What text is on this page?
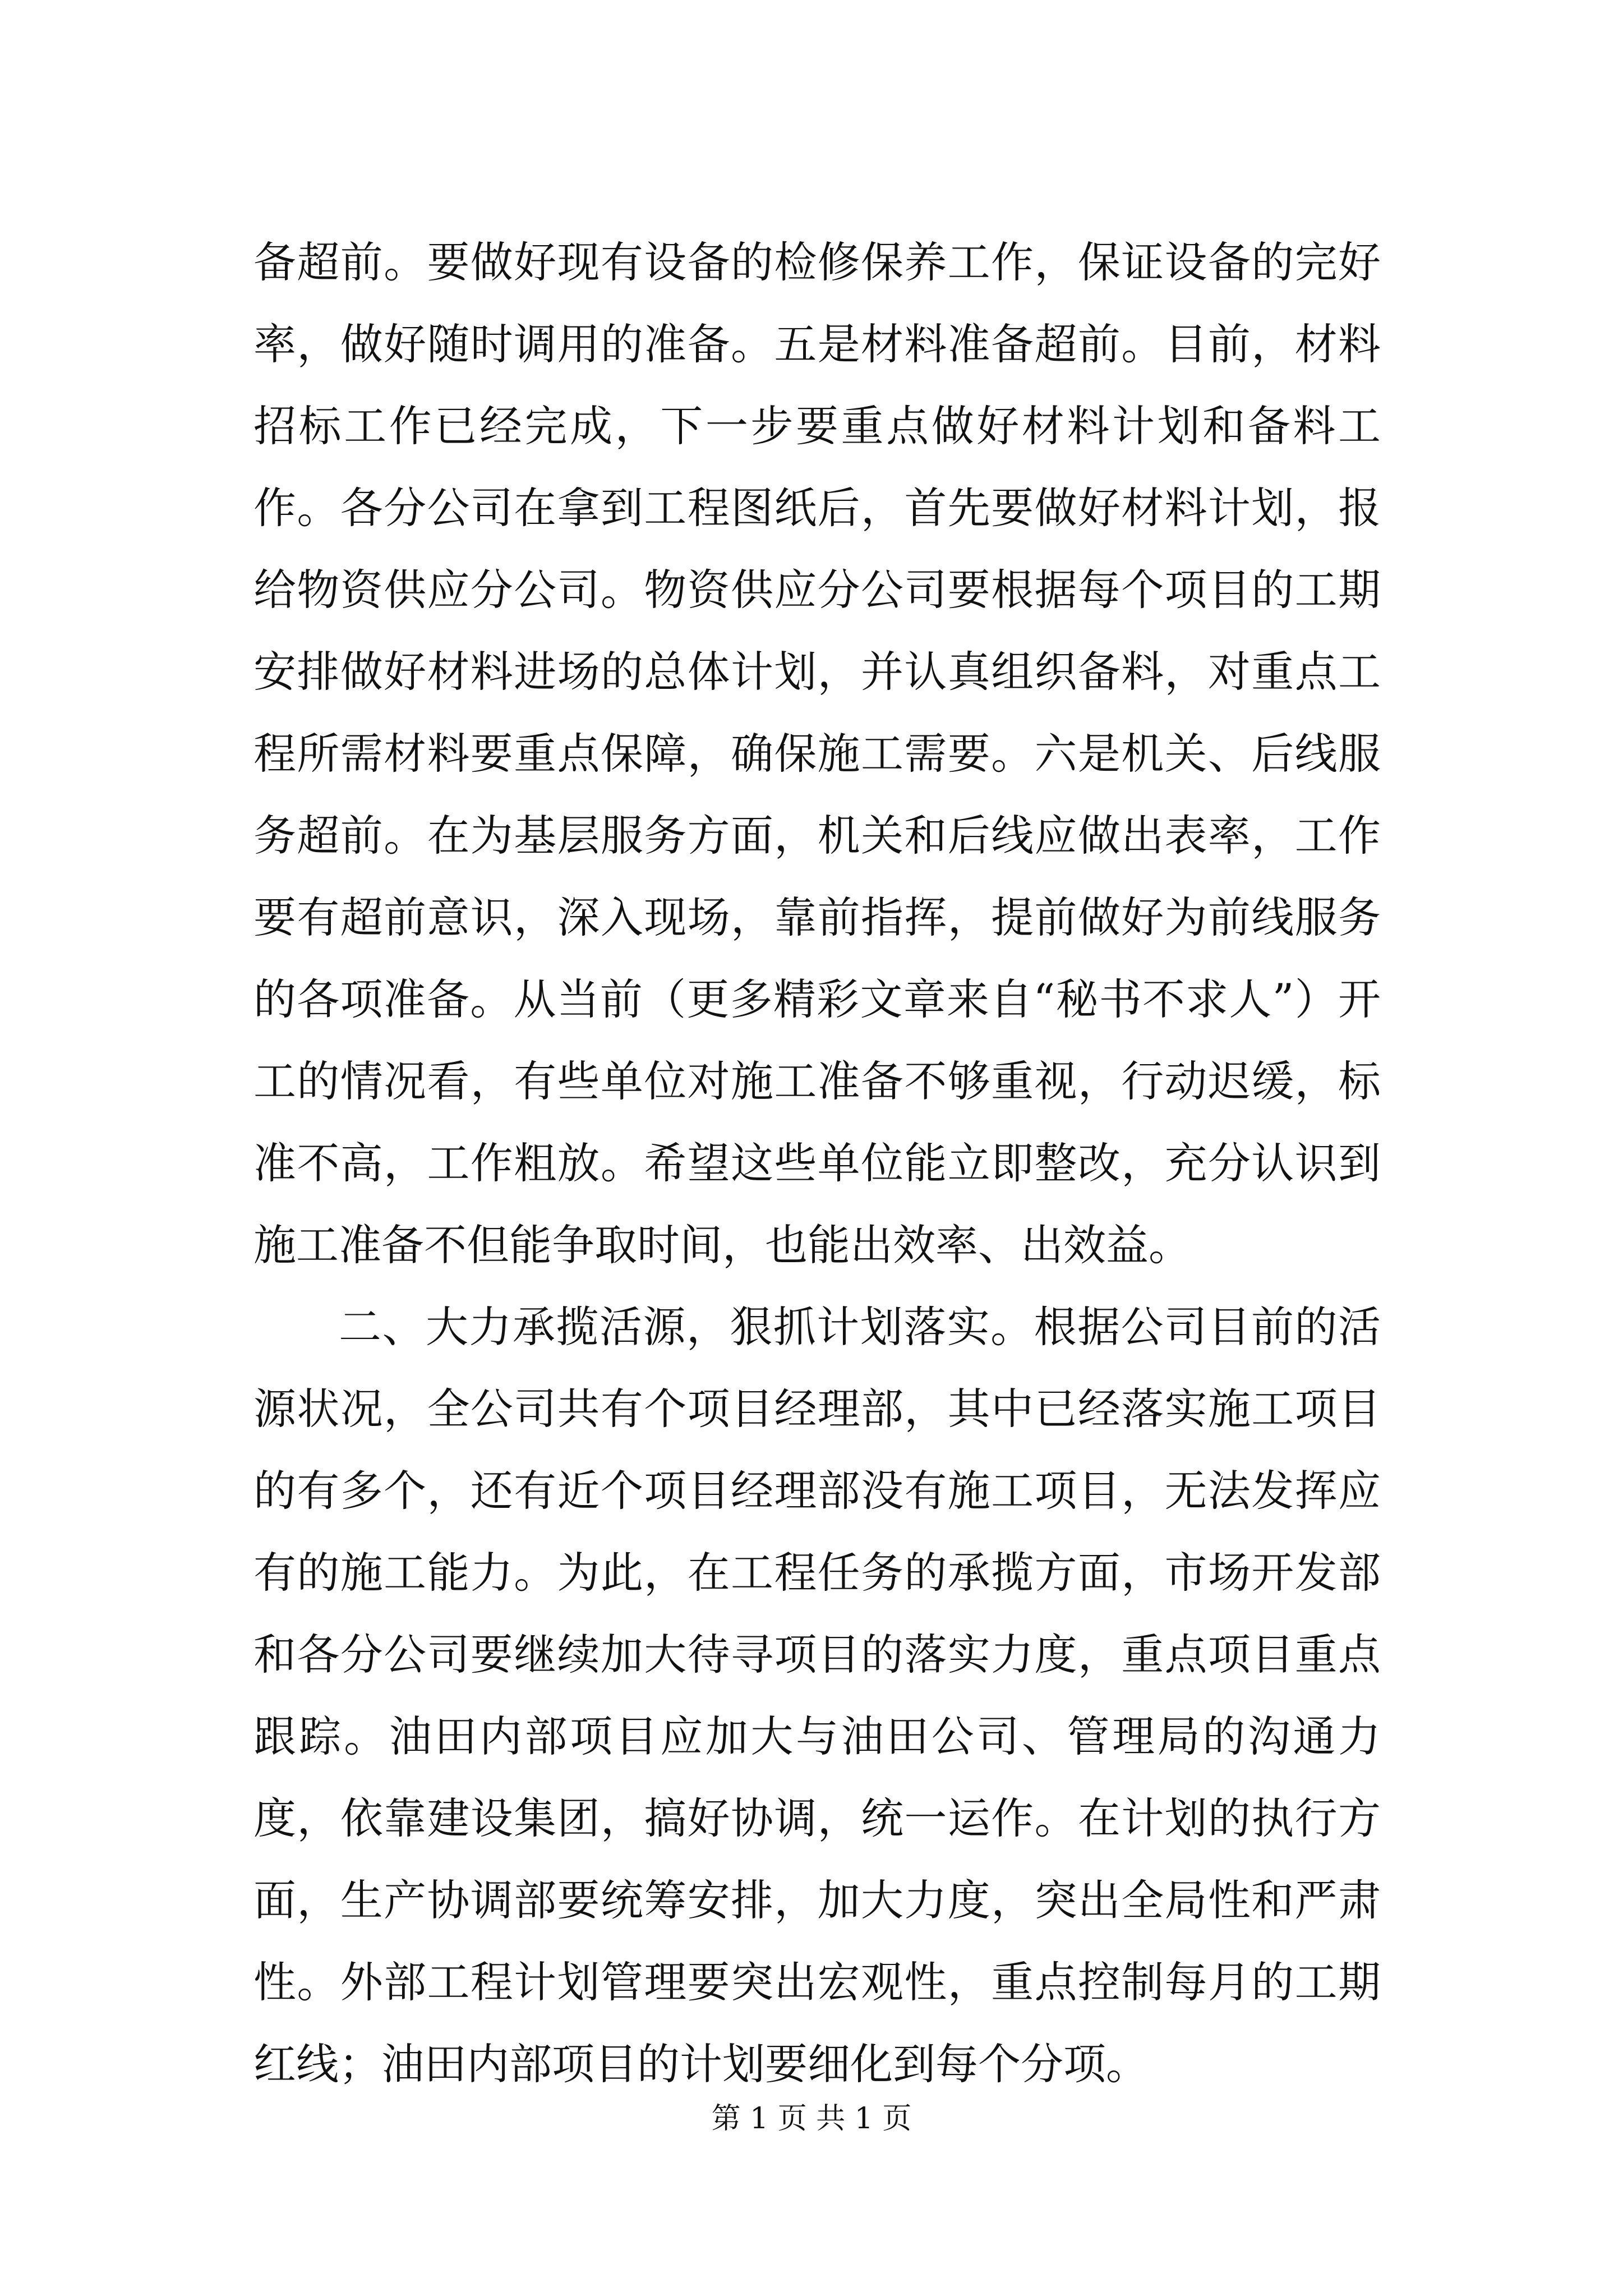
备超前。要做好现有设备的检修保养工作，保证设备的完好率，做好随时调用的准备。五是材料准备超前。目前，材料招标工作已经完成，下一步要重点做好材料计划和备料工作。各分公司在拿到工程图纸后，首先要做好材料计划，报给物资供应分公司。物资供应分公司要根据每个项目的工期安排做好材料进场的总体计划，并认真组织备料，对重点工程所需材料要重点保障，确保施工需要。六是机关、后线服务超前。在为基层服务方面，机关和后线应做出表率，工作要有超前意识，深入现场，靠前指挥，提前做好为前线服务的各项准备。从当前（更多精彩文章来自“秘书不求人”）开工的情况看，有些单位对施工准备不够重视，行动迟缓，标准不高，工作粗放。希望这些单位能立即整改，充分认识到施工准备不但能争取时间，也能出效率、出效益。

二、大力承揽活源，狠抓计划落实。根据公司目前的活源状况，全公司共有个项目经理部，其中已经落实施工项目的有多个，还有近个项目经理部没有施工项目，无法发挥应有的施工能力。为此，在工程任务的承揽方面，市场开发部和各分公司要继续加大待寻项目的落实力度，重点项目重点跟踪。油田内部项目应加大与油田公司、管理局的沟通力度，依靠建设集团，搞好协调，统一运作。在计划的执行方面，生产协调部要统筹安排，加大力度，突出全局性和严肃性。外部工程计划管理要突出宏观性，重点控制每月的工期红线；油田内部项目的计划要细化到每个分项。

第 1 页 共 1 页
